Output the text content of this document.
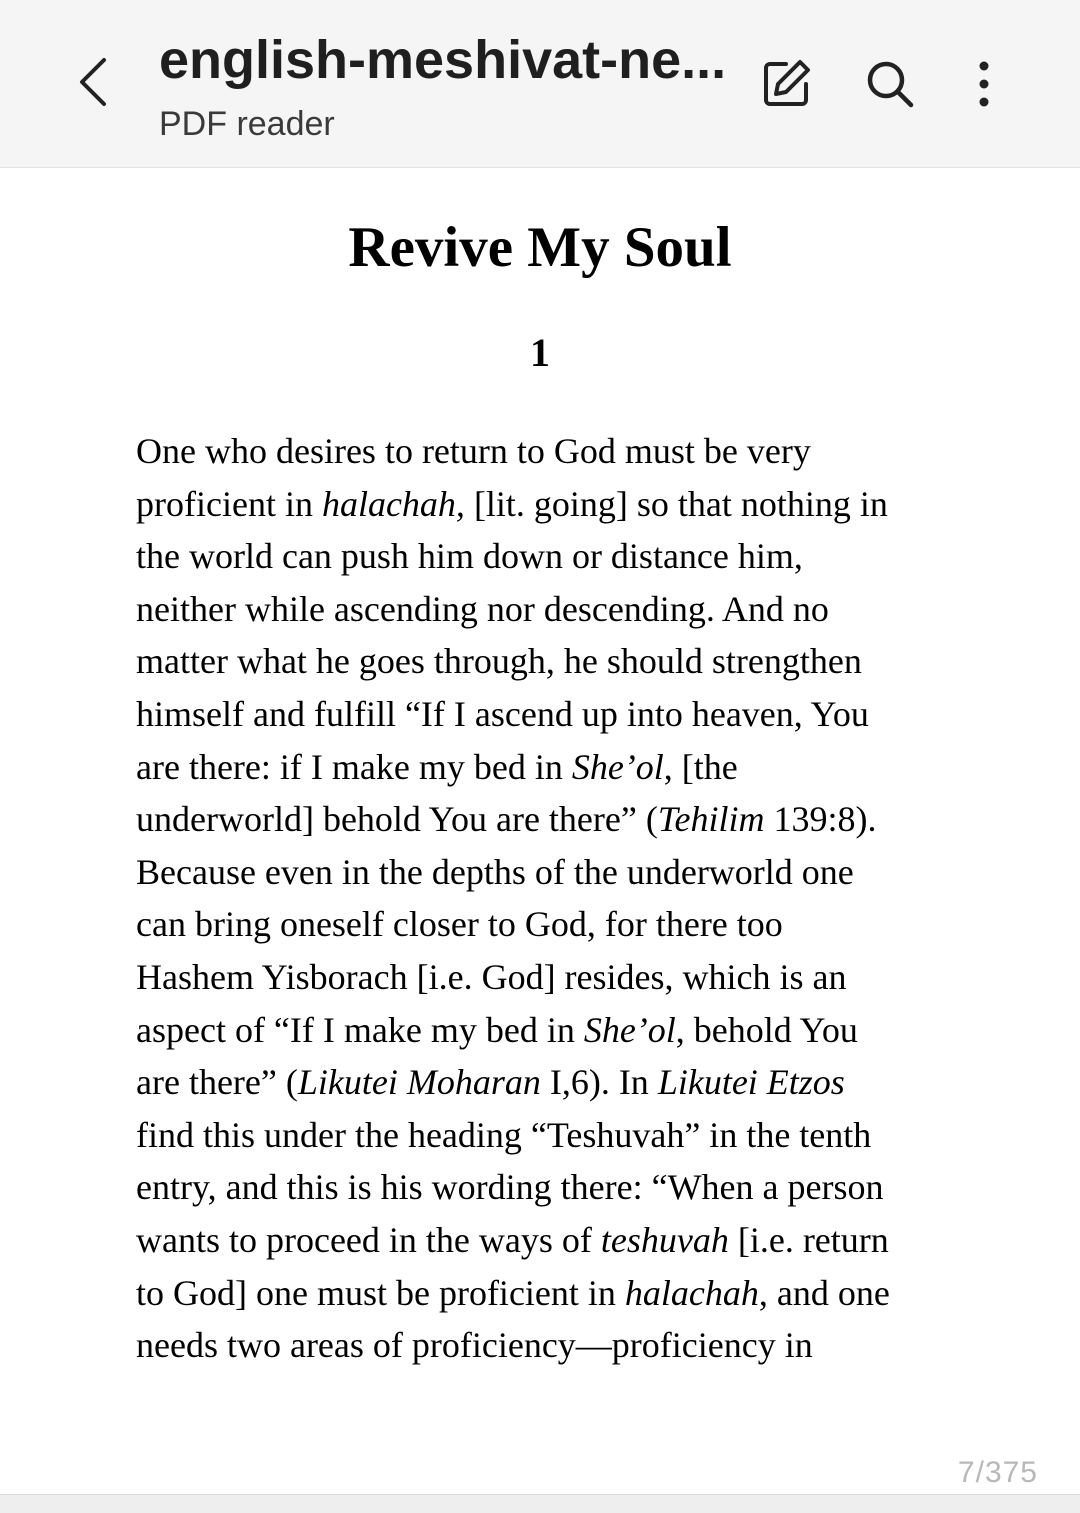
english-meshivat-ne...
PDF reader
Revive My Soul
1
One who desires to return to God must be very
proficient in halachah, [lit. going] so that nothing in
the world can push him down or distance him,
neither while ascending nor descending. And no
matter what he goes through, he should strengthen
himself and fulfill “If I ascend up into heaven, You
are there: if I make my bed in She’ol, [the
underworld] behold You are there” (Tehilim 139:8).
Because even in the depths of the underworld one
can bring oneself closer to God, for there too
Hashem Yisborach [i.e. God] resides, which is an
aspect of “If I make my bed in She’ol, behold You
are there” (Likutei Moharan I,6). In Likutei Etzos
find this under the heading “Teshuvah” in the tenth
entry, and this is his wording there: “When a person
wants to proceed in the ways of teshuvah [i.e. return
to God] one must be proficient in halachah, and one
needs two areas of proficiency—proficiency in
7/375
